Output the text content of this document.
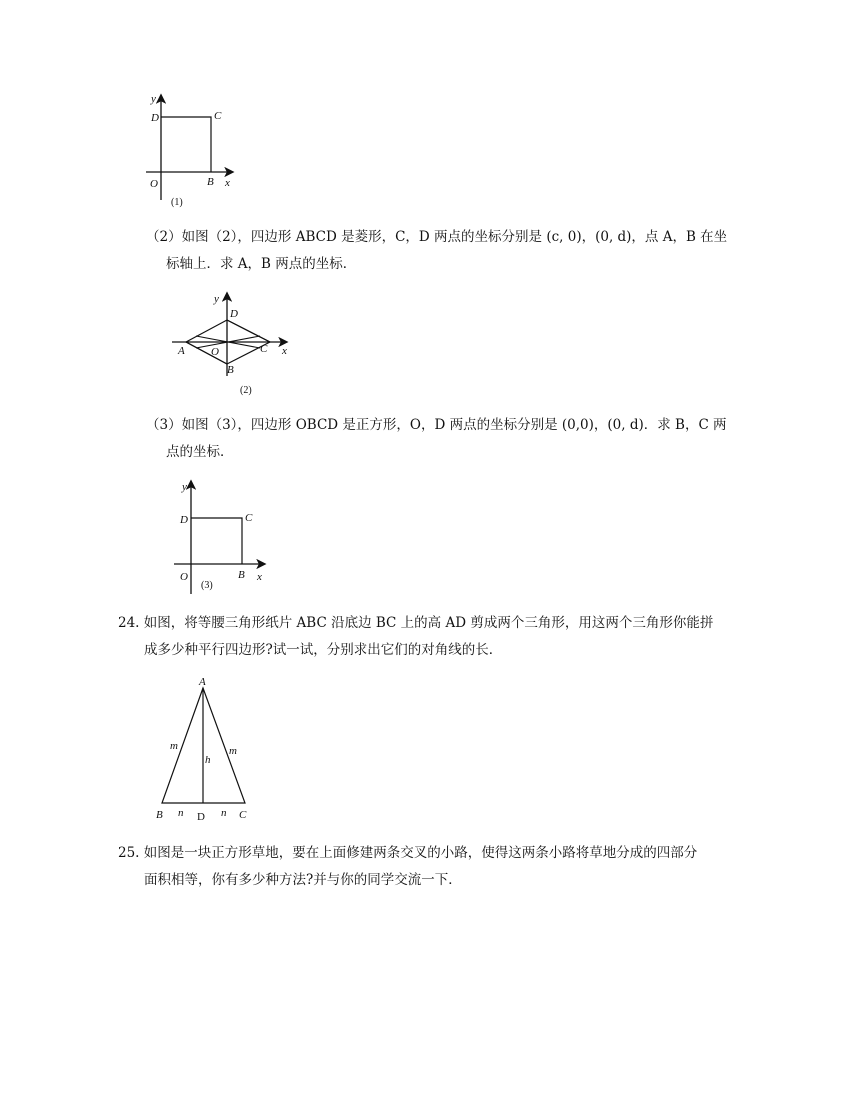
y
D	C
O	B x
(1)
（2）如图（2），四边形 ABCD 是菱形，C，D 两点的坐标分别是 (c, 0)，(0, d)，点 A，B 在坐
标轴上．求 A，B 两点的坐标．
y
D
A O	C x
B
(2)
（3）如图（3），四边形 OBCD 是正方形，O，D 两点的坐标分别是 (0,0)，(0, d)．求 B，C 两
点的坐标．
y
D	C
O
(3)
B x
24. 如图，将等腰三角形纸片 ABC 沿底边 BC 上的高 AD 剪成两个三角形，用这两个三角形你能拼
成多少种平行四边形?试一试，分别求出它们的对角线的长．
A
m	m
h
B n D n C
25. 如图是一块正方形草地，要在上面修建两条交叉的小路，使得这两条小路将草地分成的四部分
面积相等，你有多少种方法?并与你的同学交流一下．
